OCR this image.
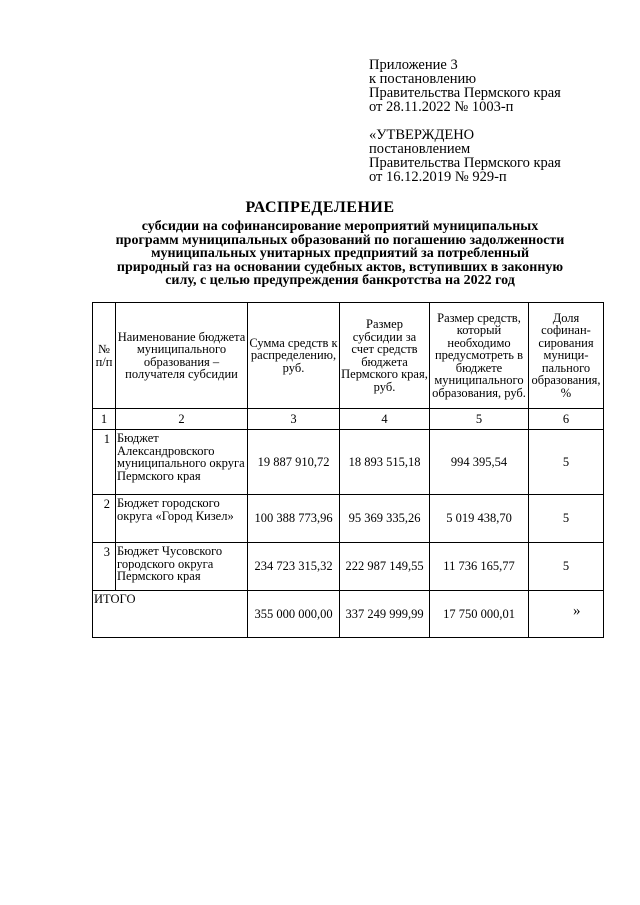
Приложение 3
к постановлению
Правительства Пермского края
от 28.11.2022 № 1003-п
«УТВЕРЖДЕНО
постановлением
Правительства Пермского края
от 16.12.2019 № 929-п
РАСПРЕДЕЛЕНИЕ
субсидии на софинансирование мероприятий муниципальных
программ муниципальных образований по погашению задолженности
муниципальных унитарных предприятий за потребленный
природный газ на основании судебных актов, вступивших в законную
силу, с целью предупреждения банкротства на 2022 год
№ п/п	Наименование бюджета муниципального образования – получателя субсидии	Сумма средств к распределению, руб.	Размер субсидии за счет средств бюджета Пермского края, руб.	Размер средств, который необходимо предусмотреть в бюджете муниципального образования, руб.	Доля софинан-сирования муници-пального образования, %
1	2	3	4	5	6
1	Бюджет Александровского муниципального округа Пермского края	19 887 910,72	18 893 515,18	994 395,54	5
2	Бюджет городского округа «Город Кизел»	100 388 773,96	95 369 335,26	5 019 438,70	5
3	Бюджет Чусовского городского округа Пермского края	234 723 315,32	222 987 149,55	11 736 165,77	5
ИТОГО		355 000 000,00	337 249 999,99	17 750 000,01		»
